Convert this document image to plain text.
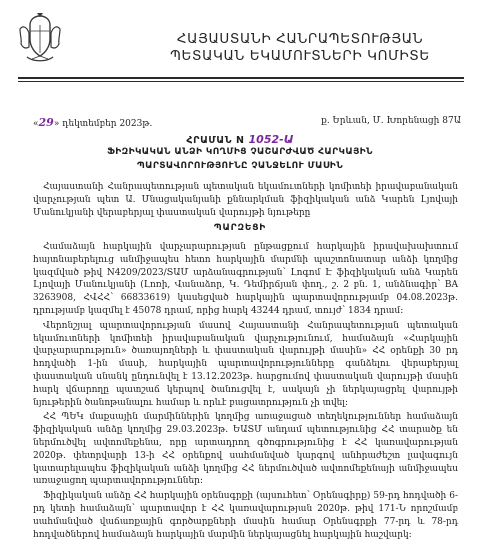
ՀԱՅԱՍՏԱՆԻ ՀԱՆՐԱՊԵՏՈՒԹՅԱՆ
ՊԵՏԱԿԱՆ ԵԿԱՄՈՒՏՆԵՐԻ ԿՈՄԻՏԵ
«29» դեկտեմբեր 2023թ.	ք. Երևան, Մ. Խորենացի 87Ա
ՀՐԱՄԱՆ N 1052-Ա
ՖԻԶԻԿԱԿԱՆ ԱՆՁԻ ԿՈՂՄԻՑ ՉԱՇԱՐԺՎԱԾ ՀԱՐԿԱՅԻՆ
ՊԱՐՏԱՎՈՐՈՒԹՅՈՒՆԸ ՉԱՆՋԵԼՈՒ ՄԱՍԻՆ
Հայաստանի Հանրապետության պետական եկամուտների կոմիտեի իրավաբանական վարչության պետ Ա. Մնացականյանի քննարկման ֆիզիկական անձ Կարեն Լյովայի Մանուկյանի վերաբերյալ փաստական վարույթի նյութերը
ՊԱՐԶԵՑԻ

Համաձայն հարկային վարչարարության ընթացքում հարկային իրավախախտում հայտնաբերելուց անմիջապես հետո հարկային մարմնի պաշտոնատար անձի կողմից կազմված թիվ N4209/2023/ՏԱՄ արձանագրության՝ Լոգոմ Է ֆիզիկական անձ Կարեն Լյովայի Մանուկյանի (Լոռի, Վանաձոր, Կ. Դեմիրճյան փող., շ. 2 բն. 1, անձնագիր՝ BA 3263908, ՀՎՀՀ՝ 66833619) կասեցված հարկային պարտավորությամբ 04.08.2023թ. դրությամբ կազմել է 45078 դրամ, որից հարկ 43244 դրամ, տույժ՝ 1834 դրամ:

Վերոնշյալ պարտավորության մասով Հայաստանի Հանրապետության պետական եկամուտների կոմիտեի իրավաբանական վարչությունում, համաձայն «Հարկային վարչարարություն» ծառայողների և փաստական վարույթի մասին» ՀՀ օրենքի 30 րդ հոդվածի 1-ին մասի, հարկային պարտավորությունները գանձելու վերաբերյալ փաստական սնանկ ընդունվել է 13.12.2023թ. հարցումով փաստական վարույթի մասին հարկ վճարողը պատշաճ կերպով ծանուցվել է, սակայն չի ներկայացրել վարույթի նյութերին ծանոթանալու համար և որևէ բացատրություն չի տվել:

ՀՀ ՊԵԿ մաքսային մարմիններին կողմից առաջացած տեղեկություններ համաձայն ֆիզիկական անձը կողմից 29.03.2023թ. ԵԱՏՄ անդամ պետությունից ՀՀ տարածք են ներմուծվել ավտոմեքենա, որը արտադրող գծոգրությունից է ՀՀ կառավարության 2020թ. փետրվարի 13-ի ՀՀ օրենքով սահմանված կարգով անհրաժեշտ լավագույն կատարելապես ֆիզիկական անձի կողմից ՀՀ ներմուծված ավտոմեքենայի անմիջապես առաջացող պարտավորություններ:

Ֆիզիկական անձը ՀՀ հարկային օրենսգրքի (այսուհետ՝ Օրենսգիրք) 59-րդ հոդվածի 6-րդ կետի համաձայն՝ պարտավոր է ՀՀ կառավարության 2020թ. թիվ 171-Ն որոշմամբ սահմանված վաճառքային գործարքների մասին համար Օրենսգրքի 77-րդ և 78-րդ հոդվածներով համաձայն հարկային մարմին ներկայացնել հարկային հաշվարկ:
